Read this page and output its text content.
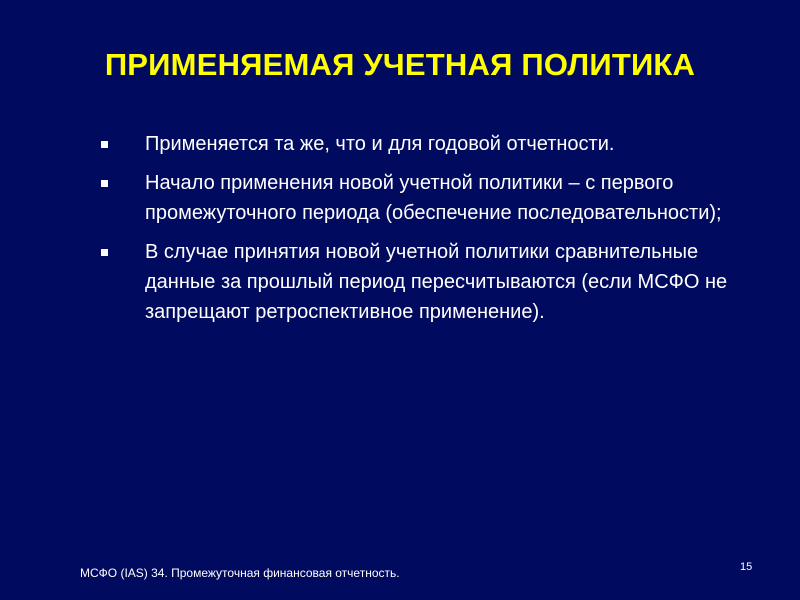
ПРИМЕНЯЕМАЯ УЧЕТНАЯ ПОЛИТИКА
Применяется та же, что и для годовой отчетности.
Начало применения новой учетной политики – с первого промежуточного периода (обеспечение последовательности);
В случае принятия новой учетной политики сравнительные данные за прошлый период пересчитываются (если МСФО не запрещают ретроспективное применение).
МСФО (IAS) 34. Промежуточная финансовая отчетность.	15
